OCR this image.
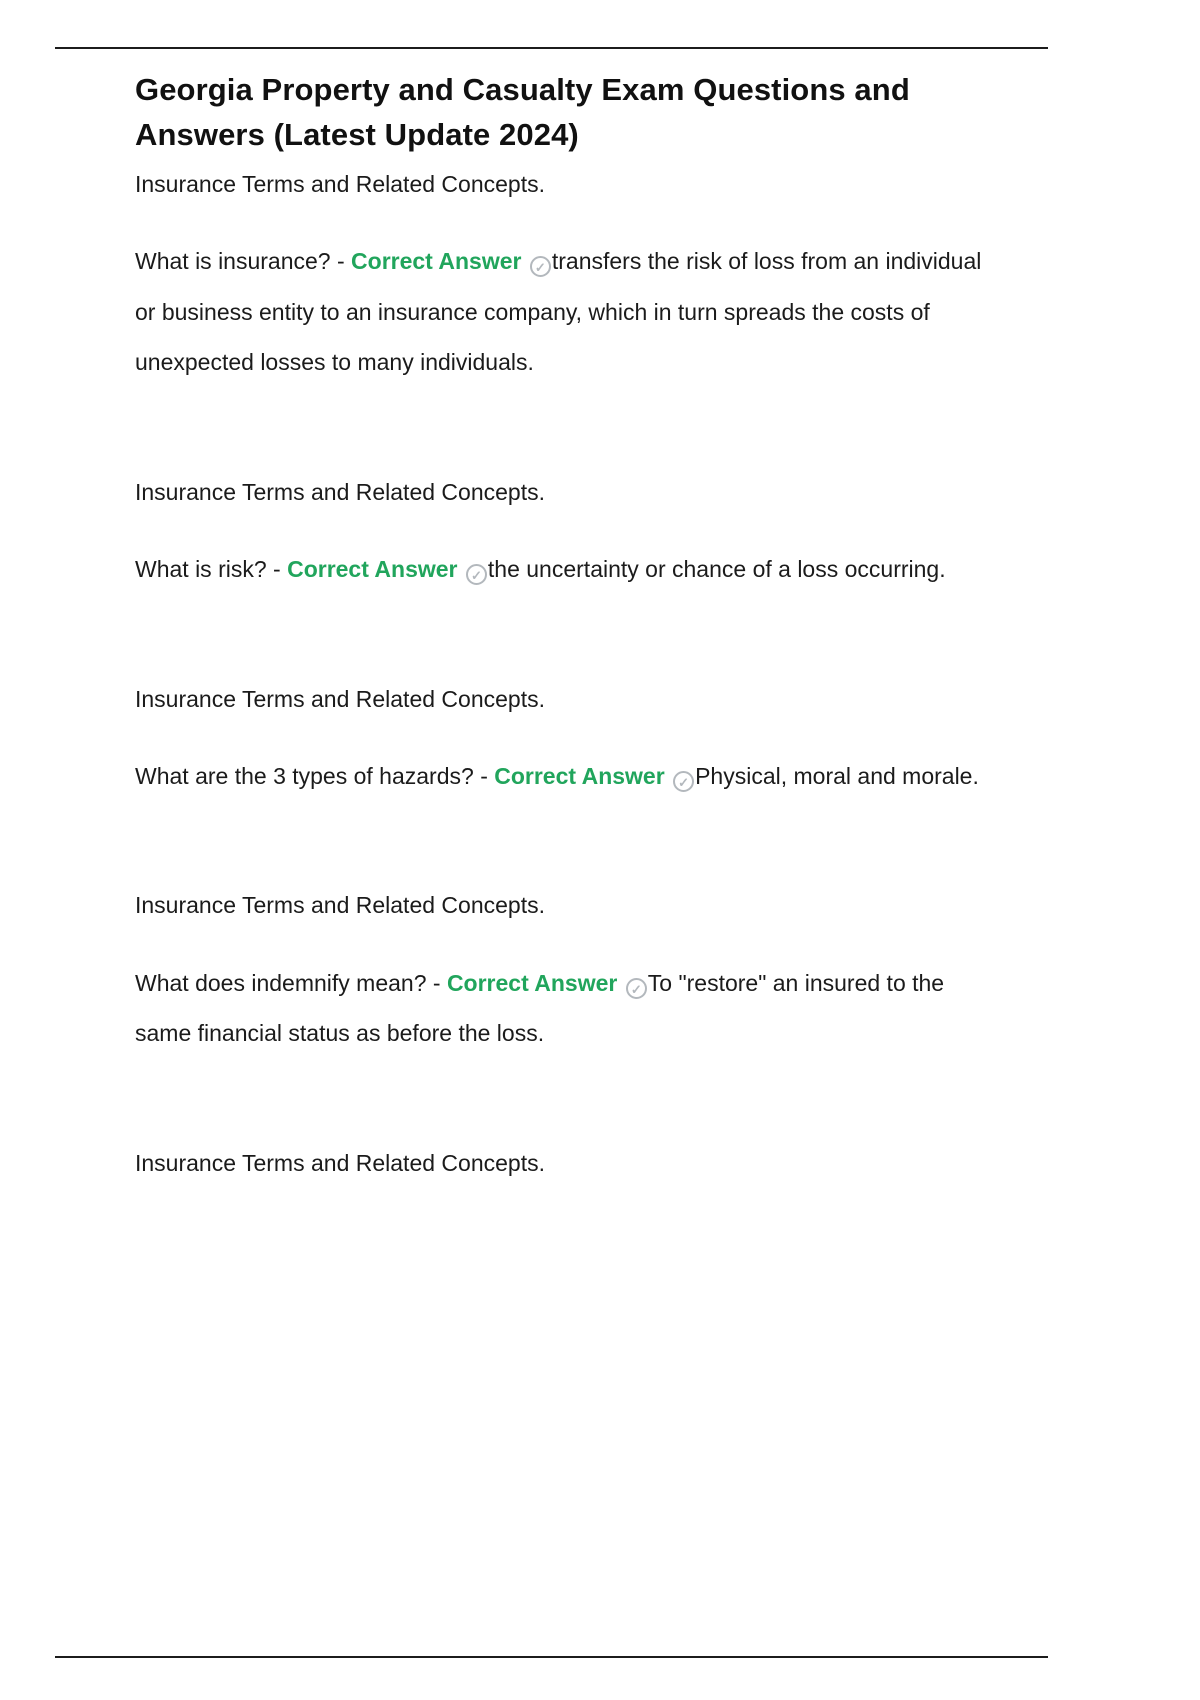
Georgia Property and Casualty Exam Questions and Answers (Latest Update 2024)

Insurance Terms and Related Concepts.

What is insurance? - Correct Answer ✓ transfers the risk of loss from an individual or business entity to an insurance company, which in turn spreads the costs of unexpected losses to many individuals.

Insurance Terms and Related Concepts.

What is risk? - Correct Answer ✓ the uncertainty or chance of a loss occurring.

Insurance Terms and Related Concepts.

What are the 3 types of hazards? - Correct Answer ✓ Physical, moral and morale.

Insurance Terms and Related Concepts.

What does indemnify mean? - Correct Answer ✓ To "restore" an insured to the same financial status as before the loss.

Insurance Terms and Related Concepts.
